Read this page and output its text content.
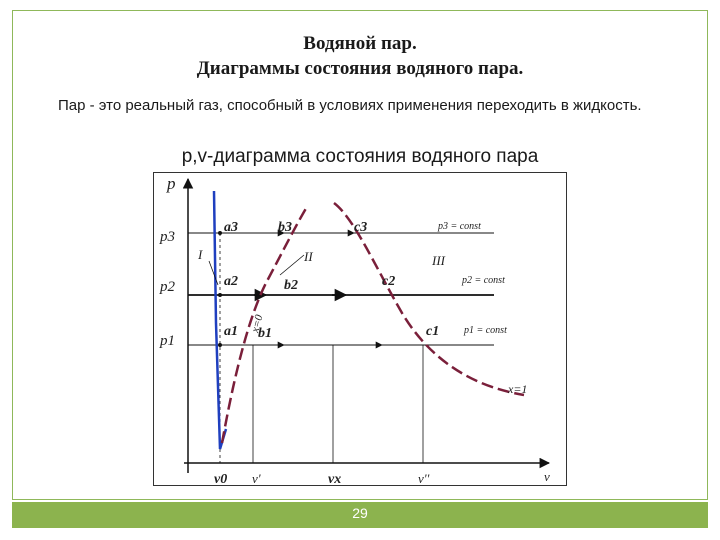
Водяной пар.
Диаграммы состояния водяного пара.
Пар - это реальный газ, способный в условиях применения переходить в жидкость.
p,v-диаграмма состояния водяного пара
p
v
p3
p2
p1
a3	b3	c3
a2	b2	c2
a1 b1	c1
p3 = const
p2 = const
p1 = const
I	II	III
x=0
x=1
v0 v'	vx	v''
29
